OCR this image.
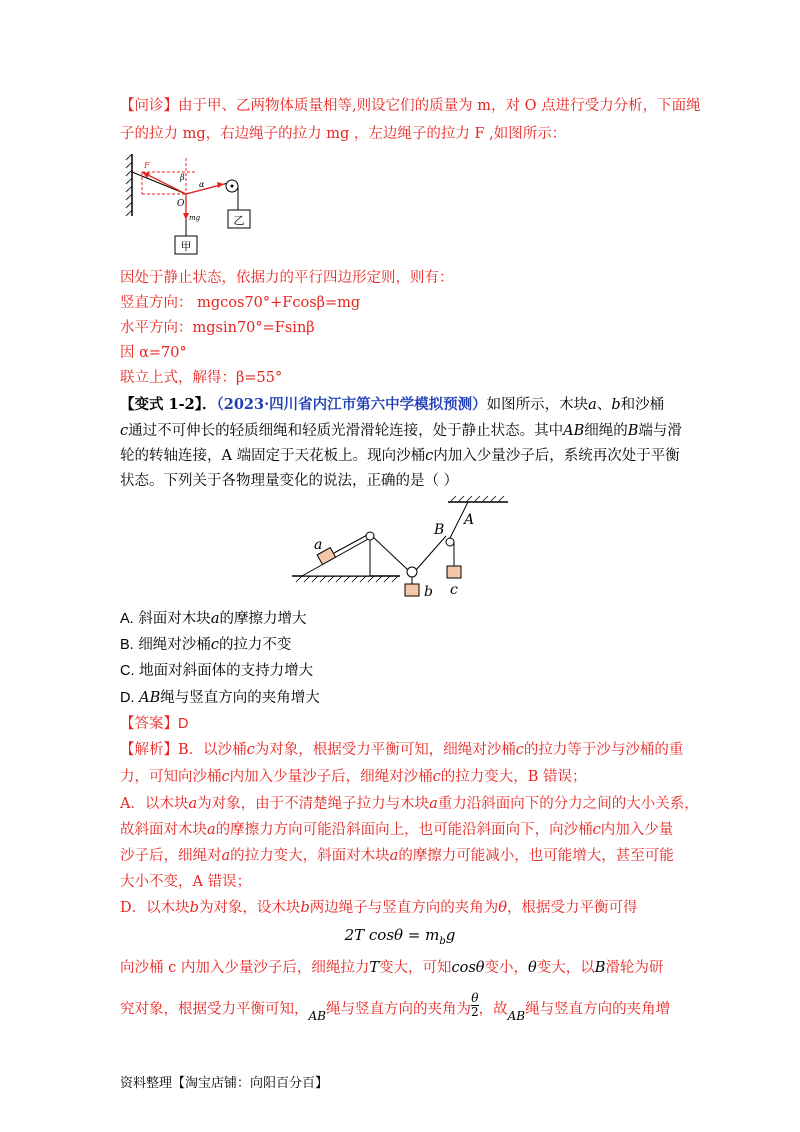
【问诊】由于甲、乙两物体质量相等,则设它们的质量为 m，对 O 点进行受力分析，下面绳
子的拉力 mg，右边绳子的拉力 mg ，左边绳子的拉力 F ,如图所示：
乙
甲
O
β
α
F
mg
因处于静止状态，依据力的平行四边形定则，则有：
竖直方向： mgcos70°+Fcosβ=mg
水平方向：mgsin70°=Fsinβ
因 α=70°
联立上式，解得：β=55°
【变式 1-2】．（2023·四川省内江市第六中学模拟预测）如图所示，木块a、b和沙桶
c通过不可伸长的轻质细绳和轻质光滑滑轮连接，处于静止状态。其中AB细绳的B端与滑
轮的转轴连接，A 端固定于天花板上。现向沙桶c内加入少量沙子后，系统再次处于平衡
状态。下列关于各物理量变化的说法，正确的是（ ）
a
b c
A
B
A. 斜面对木块a的摩擦力增大
B. 细绳对沙桶c的拉力不变
C. 地面对斜面体的支持力增大
D. AB绳与竖直方向的夹角增大
【答案】D
【解析】B．以沙桶c为对象，根据受力平衡可知，细绳对沙桶c的拉力等于沙与沙桶的重
力，可知向沙桶c内加入少量沙子后，细绳对沙桶c的拉力变大，B 错误；
A．以木块a为对象，由于不清楚绳子拉力与木块a重力沿斜面向下的分力之间的大小关系，
故斜面对木块a的摩擦力方向可能沿斜面向上，也可能沿斜面向下，向沙桶c内加入少量
沙子后，细绳对a的拉力变大，斜面对木块a的摩擦力可能减小，也可能增大，甚至可能
大小不变，A 错误；
D．以木块b为对象，设木块b两边绳子与竖直方向的夹角为θ，根据受力平衡可得
2T $\cos\theta = m_bg$
向沙桶 c 内加入少量沙子后，细绳拉力T变大，可知cosθ变小，θ变大，以B滑轮为研
究对象，根据受力平衡可知，$_{AB}$绳与竖直方向的夹角为 $\frac{\theta}{2}$ ，故$_{AB}$绳与竖直方向的夹角增
资料整理【淘宝店铺：向阳百分百】
